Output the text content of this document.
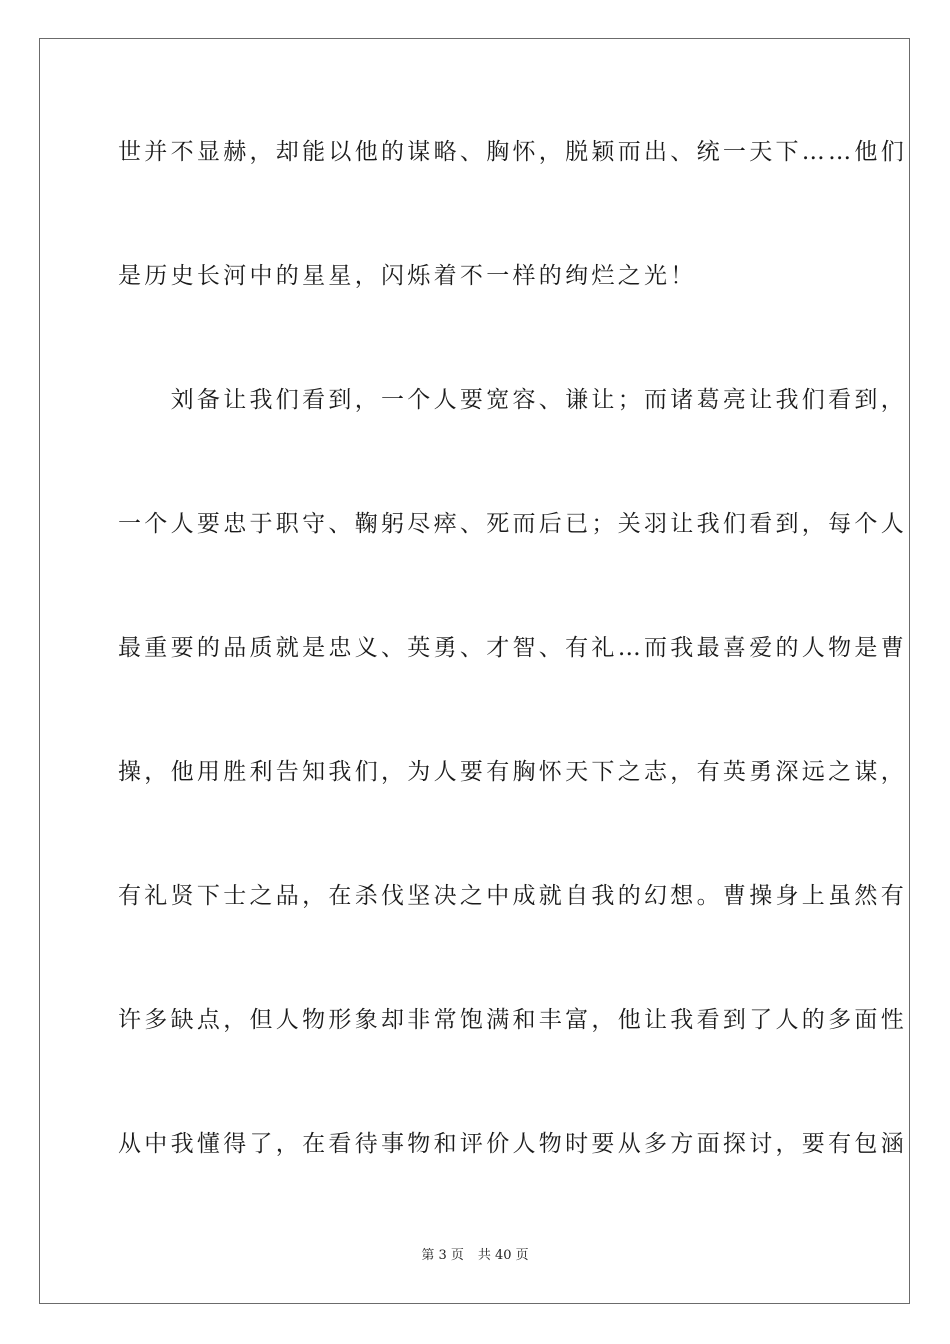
世并不显赫，却能以他的谋略、胸怀，脱颖而出、统一天下……他们
是历史长河中的星星，闪烁着不一样的绚烂之光！
　　刘备让我们看到，一个人要宽容、谦让；而诸葛亮让我们看到，
一个人要忠于职守、鞠躬尽瘁、死而后已；关羽让我们看到，每个人
最重要的品质就是忠义、英勇、才智、有礼…而我最喜爱的人物是曹
操，他用胜利告知我们，为人要有胸怀天下之志，有英勇深远之谋，
有礼贤下士之品，在杀伐坚决之中成就自我的幻想。曹操身上虽然有
许多缺点，但人物形象却非常饱满和丰富，他让我看到了人的多面性
从中我懂得了，在看待事物和评价人物时要从多方面探讨，要有包涵
第 3 页 共 40 页
